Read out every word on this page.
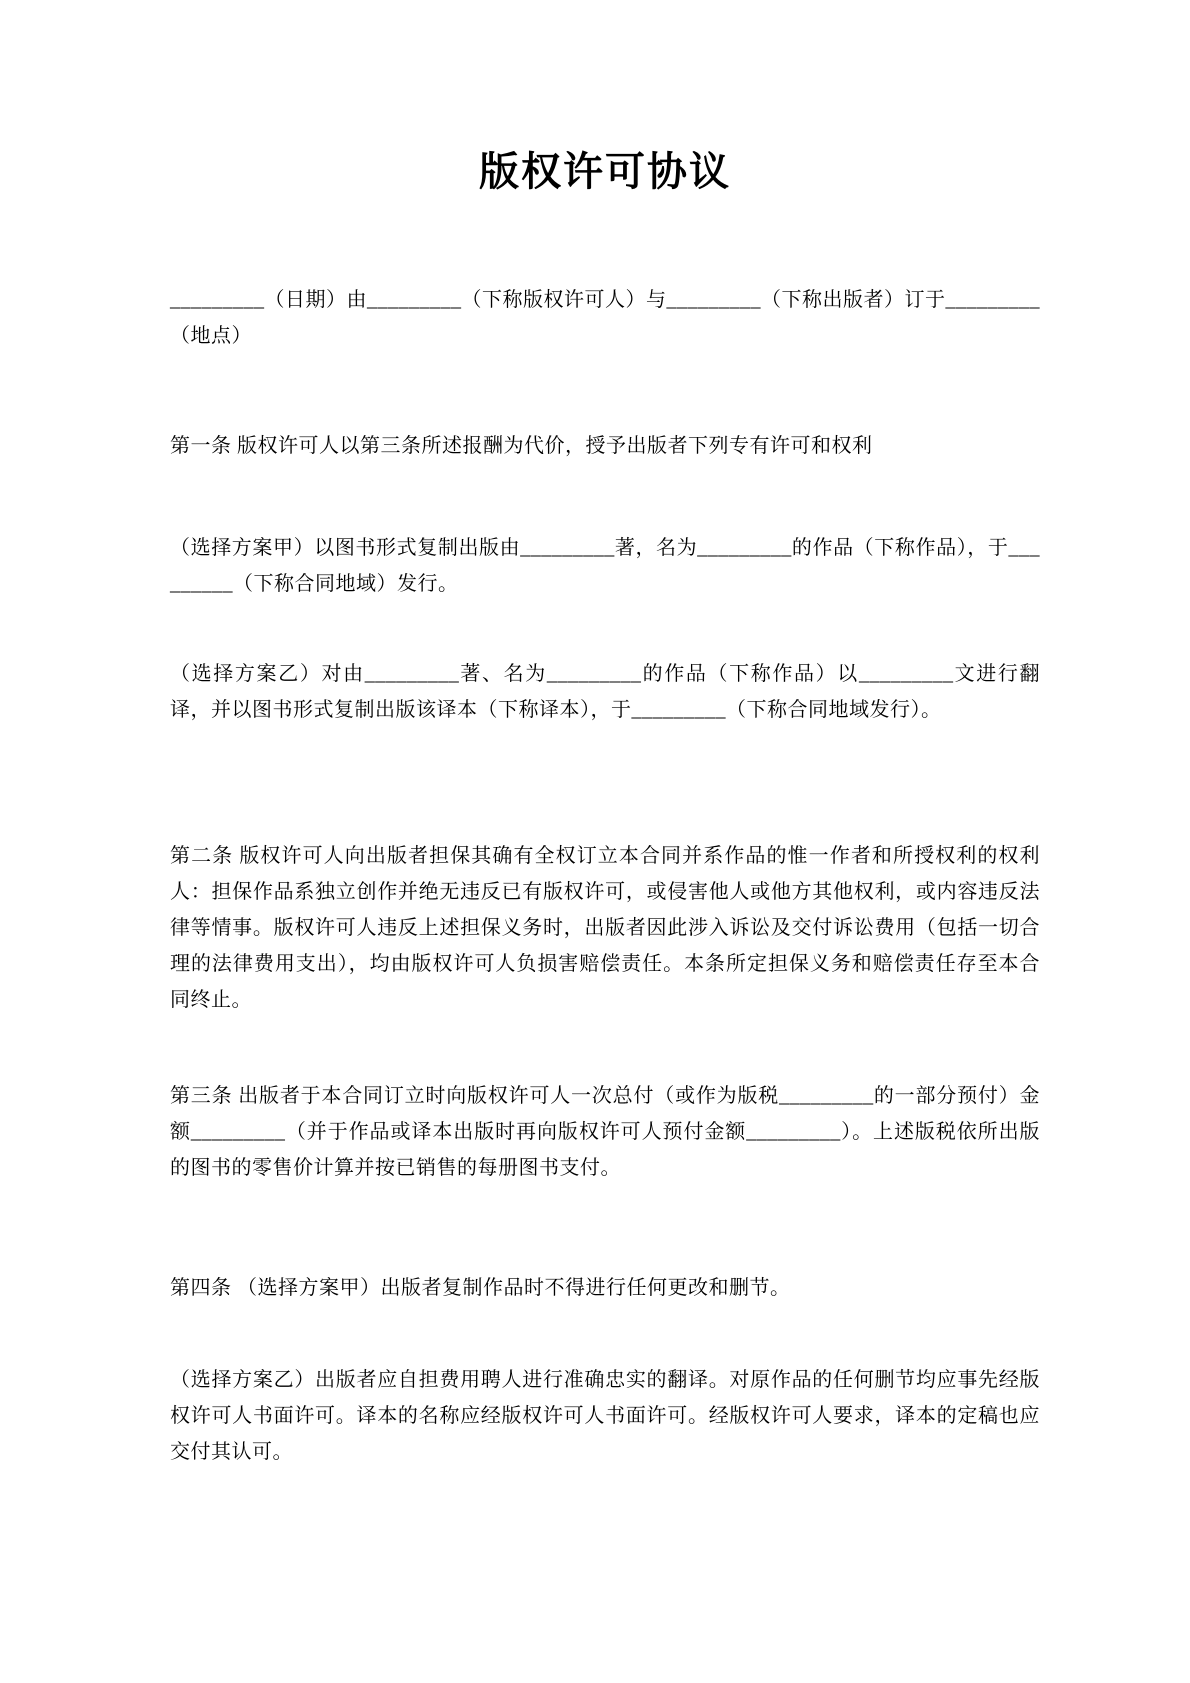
版权许可协议

_________（日期）由_________（下称版权许可人）与_________（下称出版者）订于_________（地点）

第一条 版权许可人以第三条所述报酬为代价，授予出版者下列专有许可和权利

（选择方案甲）以图书形式复制出版由_________著，名为_________的作品（下称作品），于_________（下称合同地域）发行。

（选择方案乙）对由_________著、名为_________的作品（下称作品）以_________文进行翻译，并以图书形式复制出版该译本（下称译本），于_________（下称合同地域发行）。

第二条 版权许可人向出版者担保其确有全权订立本合同并系作品的惟一作者和所授权利的权利人：担保作品系独立创作并绝无违反已有版权许可，或侵害他人或他方其他权利，或内容违反法律等情事。版权许可人违反上述担保义务时，出版者因此涉入诉讼及交付诉讼费用（包括一切合理的法律费用支出），均由版权许可人负损害赔偿责任。本条所定担保义务和赔偿责任存至本合同终止。

第三条 出版者于本合同订立时向版权许可人一次总付（或作为版税_________的一部分预付）金额_________（并于作品或译本出版时再向版权许可人预付金额_________）。上述版税依所出版的图书的零售价计算并按已销售的每册图书支付。

第四条 （选择方案甲）出版者复制作品时不得进行任何更改和删节。

（选择方案乙）出版者应自担费用聘人进行准确忠实的翻译。对原作品的任何删节均应事先经版权许可人书面许可。译本的名称应经版权许可人书面许可。经版权许可人要求，译本的定稿也应交付其认可。
